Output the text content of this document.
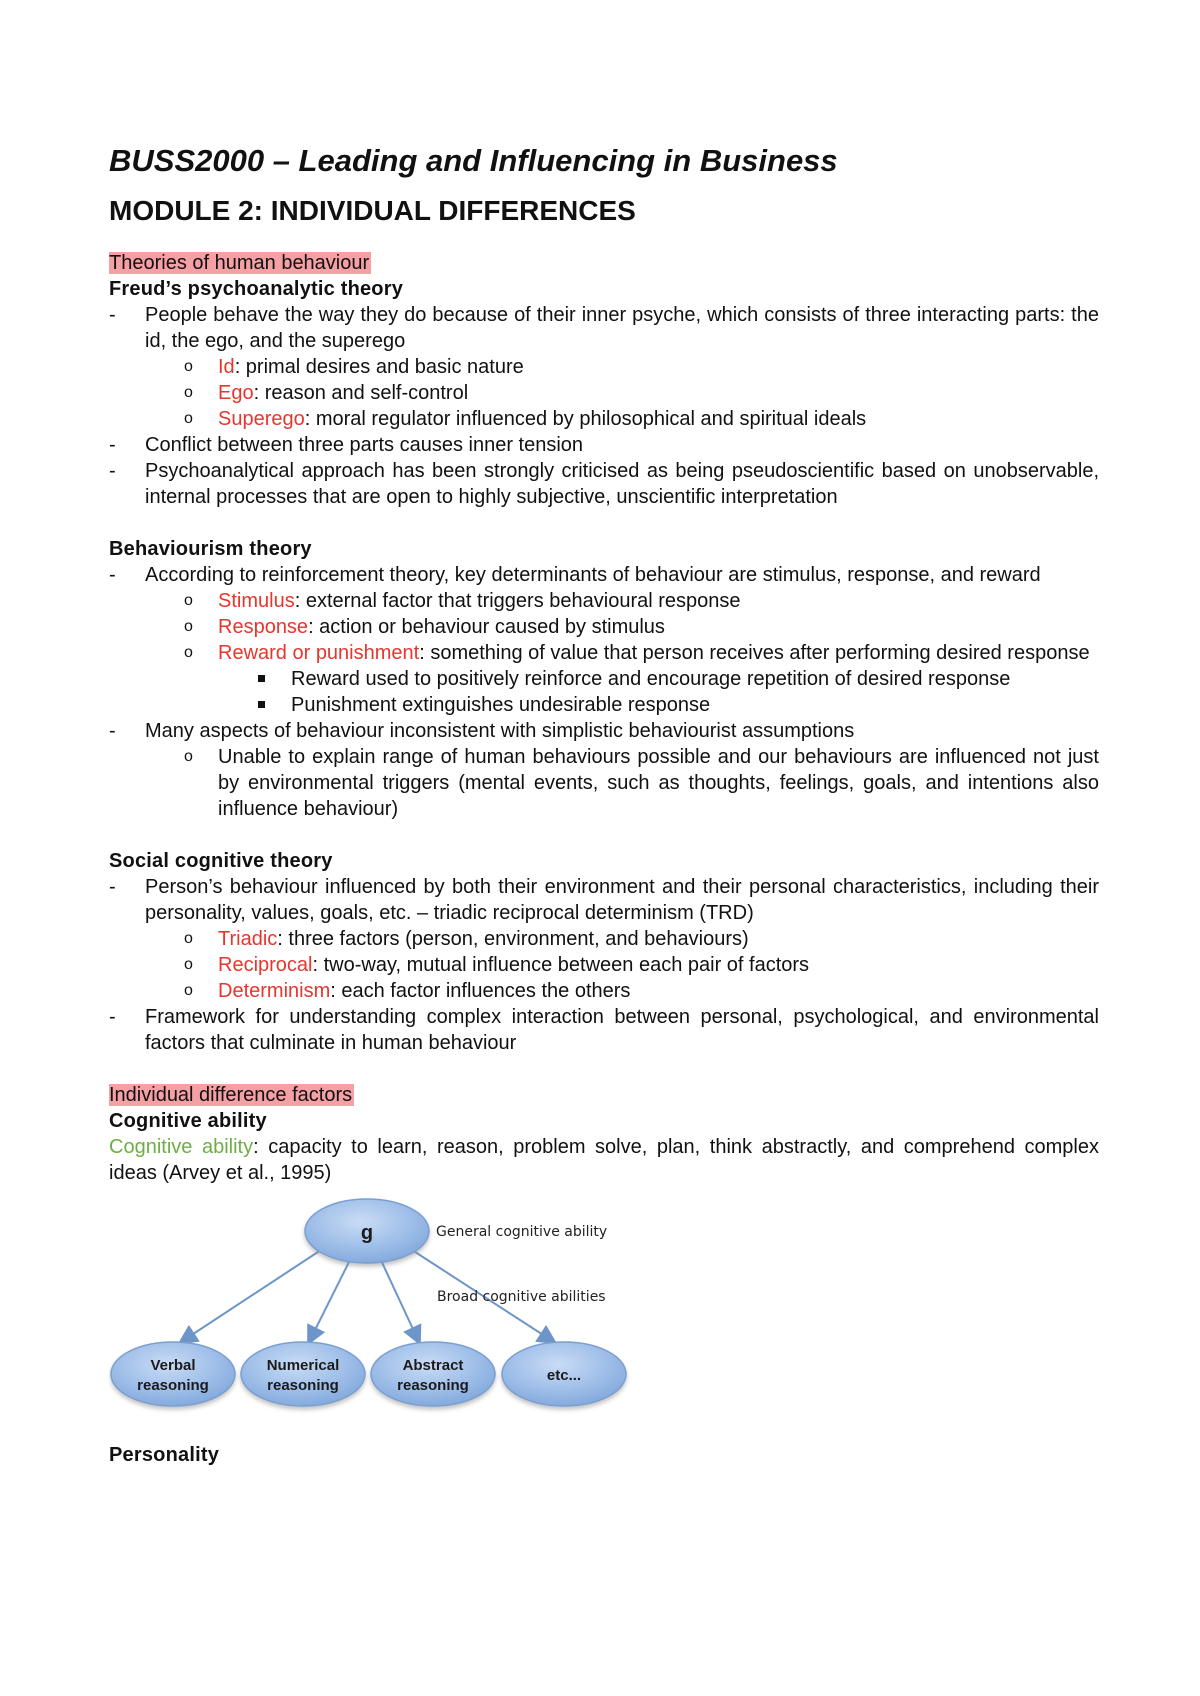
BUSS2000 – Leading and Influencing in Business
MODULE 2: INDIVIDUAL DIFFERENCES
Theories of human behaviour
Freud’s psychoanalytic theory
- People behave the way they do because of their inner psyche, which consists of three interacting parts: the id, the ego, and the superego
o Id: primal desires and basic nature
o Ego: reason and self-control
o Superego: moral regulator influenced by philosophical and spiritual ideals
- Conflict between three parts causes inner tension
- Psychoanalytical approach has been strongly criticised as being pseudoscientific based on unobservable, internal processes that are open to highly subjective, unscientific interpretation
Behaviourism theory
- According to reinforcement theory, key determinants of behaviour are stimulus, response, and reward
o Stimulus: external factor that triggers behavioural response
o Response: action or behaviour caused by stimulus
o Reward or punishment: something of value that person receives after performing desired response
Reward used to positively reinforce and encourage repetition of desired response
Punishment extinguishes undesirable response
- Many aspects of behaviour inconsistent with simplistic behaviourist assumptions
o Unable to explain range of human behaviours possible and our behaviours are influenced not just by environmental triggers (mental events, such as thoughts, feelings, goals, and intentions also influence behaviour)
Social cognitive theory
- Person’s behaviour influenced by both their environment and their personal characteristics, including their personality, values, goals, etc. – triadic reciprocal determinism (TRD)
o Triadic: three factors (person, environment, and behaviours)
o Reciprocal: two-way, mutual influence between each pair of factors
o Determinism: each factor influences the others
- Framework for understanding complex interaction between personal, psychological, and environmental factors that culminate in human behaviour
Individual difference factors
Cognitive ability
Cognitive ability: capacity to learn, reason, problem solve, plan, think abstractly, and comprehend complex ideas (Arvey et al., 1995)
g	General cognitive ability
Broad cognitive abilities
Verbal
reasoning
Numerical
reasoning
Abstract
reasoning
etc...
Personality
